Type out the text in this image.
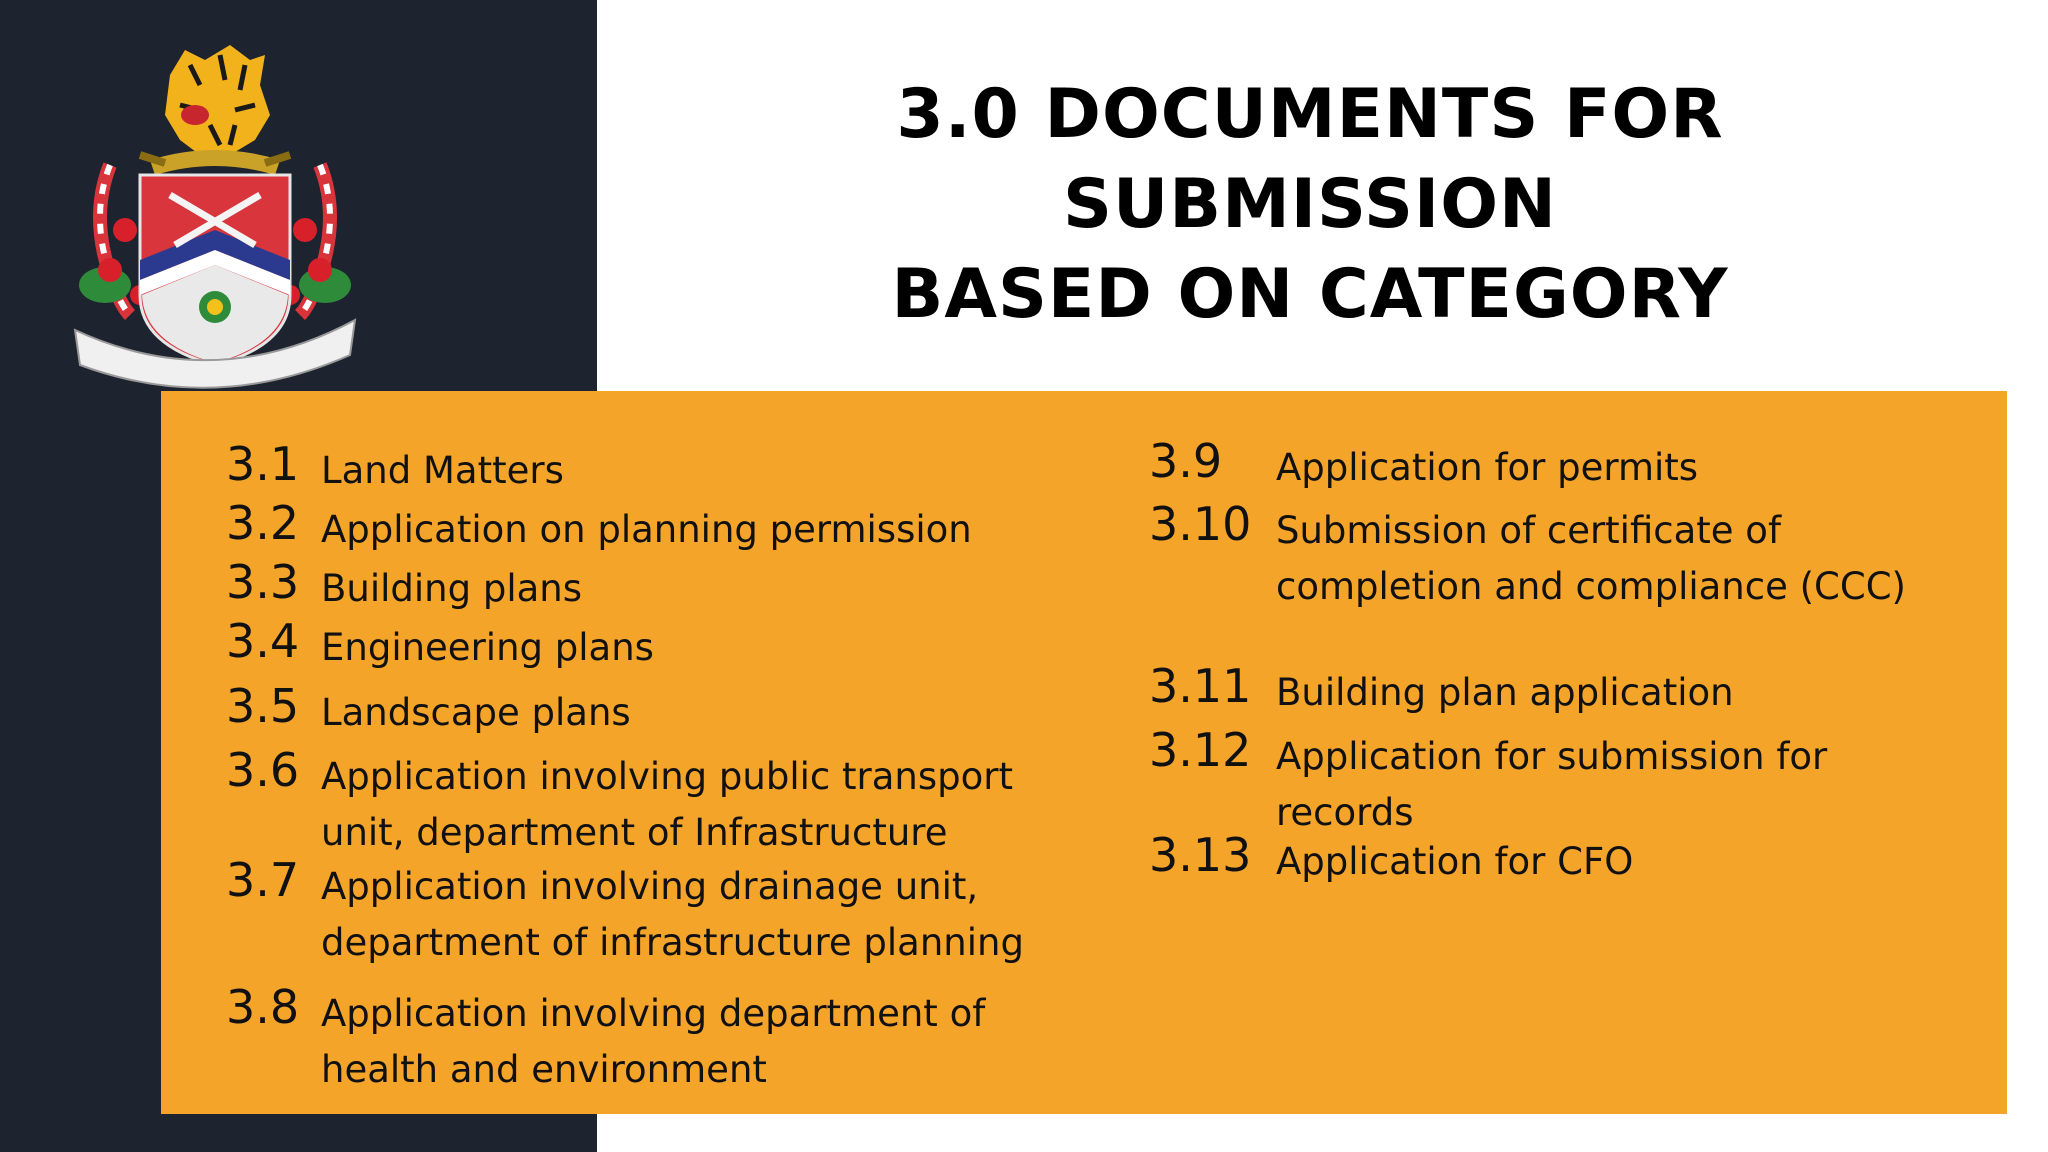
3.0 DOCUMENTS FOR SUBMISSION
BASED ON CATEGORY
3.1 Land Matters
3.2 Application on planning permission
3.3 Building plans
3.4 Engineering plans
3.5 Landscape plans
3.6 Application involving public transport
unit, department of Infrastructure
3.7 Application involving drainage unit,
department of infrastructure planning
3.8 Application involving department of
health and environment
3.9 Application for permits
3.10 Submission of certificate of
completion and compliance (CCC)
3.11 Building plan application
3.12 Application for submission for
records
3.13 Application for CFO
